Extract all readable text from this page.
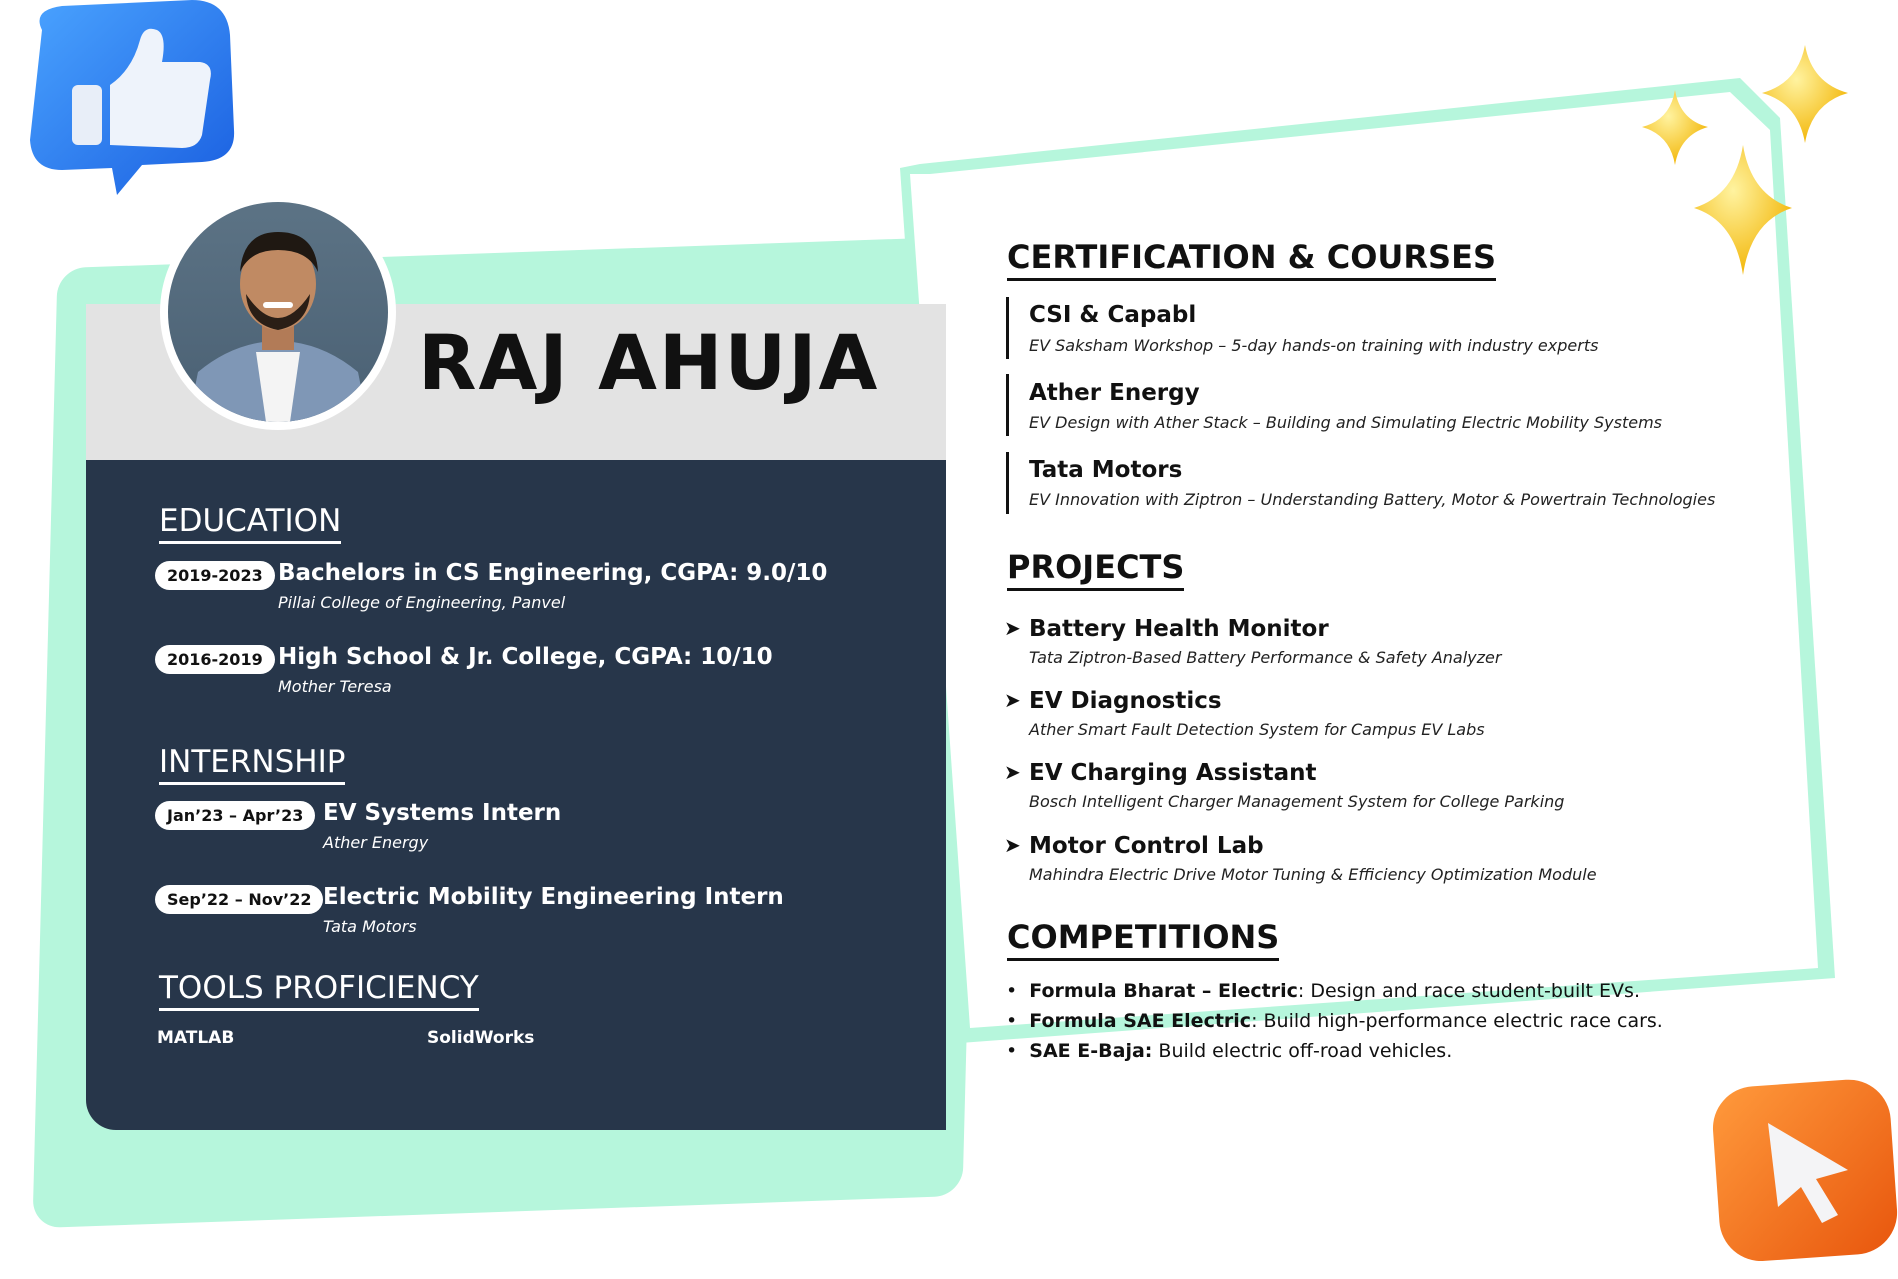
RAJ AHUJA
EDUCATION
2019-2023 Bachelors in CS Engineering, CGPA: 9.0/10
Pillai College of Engineering, Panvel
2016-2019 High School & Jr. College, CGPA: 10/10
Mother Teresa
INTERNSHIP
Jan’23 – Apr’23 EV Systems Intern
Ather Energy
Sep’22 – Nov’22 Electric Mobility Engineering Intern
Tata Motors
TOOLS PROFICIENCY
MATLAB	SolidWorks
CERTIFICATION & COURSES
CSI & Capabl
EV Saksham Workshop – 5-day hands-on training with industry experts
Ather Energy
EV Design with Ather Stack – Building and Simulating Electric Mobility Systems
Tata Motors
EV Innovation with Ziptron – Understanding Battery, Motor & Powertrain Technologies
PROJECTS
➤ Battery Health Monitor
Tata Ziptron-Based Battery Performance & Safety Analyzer
➤ EV Diagnostics
Ather Smart Fault Detection System for Campus EV Labs
➤ EV Charging Assistant
Bosch Intelligent Charger Management System for College Parking
➤ Motor Control Lab
Mahindra Electric Drive Motor Tuning & Efficiency Optimization Module
COMPETITIONS
•  Formula Bharat – Electric: Design and race student-built EVs.
•  Formula SAE Electric: Build high-performance electric race cars.
•  SAE E-Baja: Build electric off-road vehicles.
